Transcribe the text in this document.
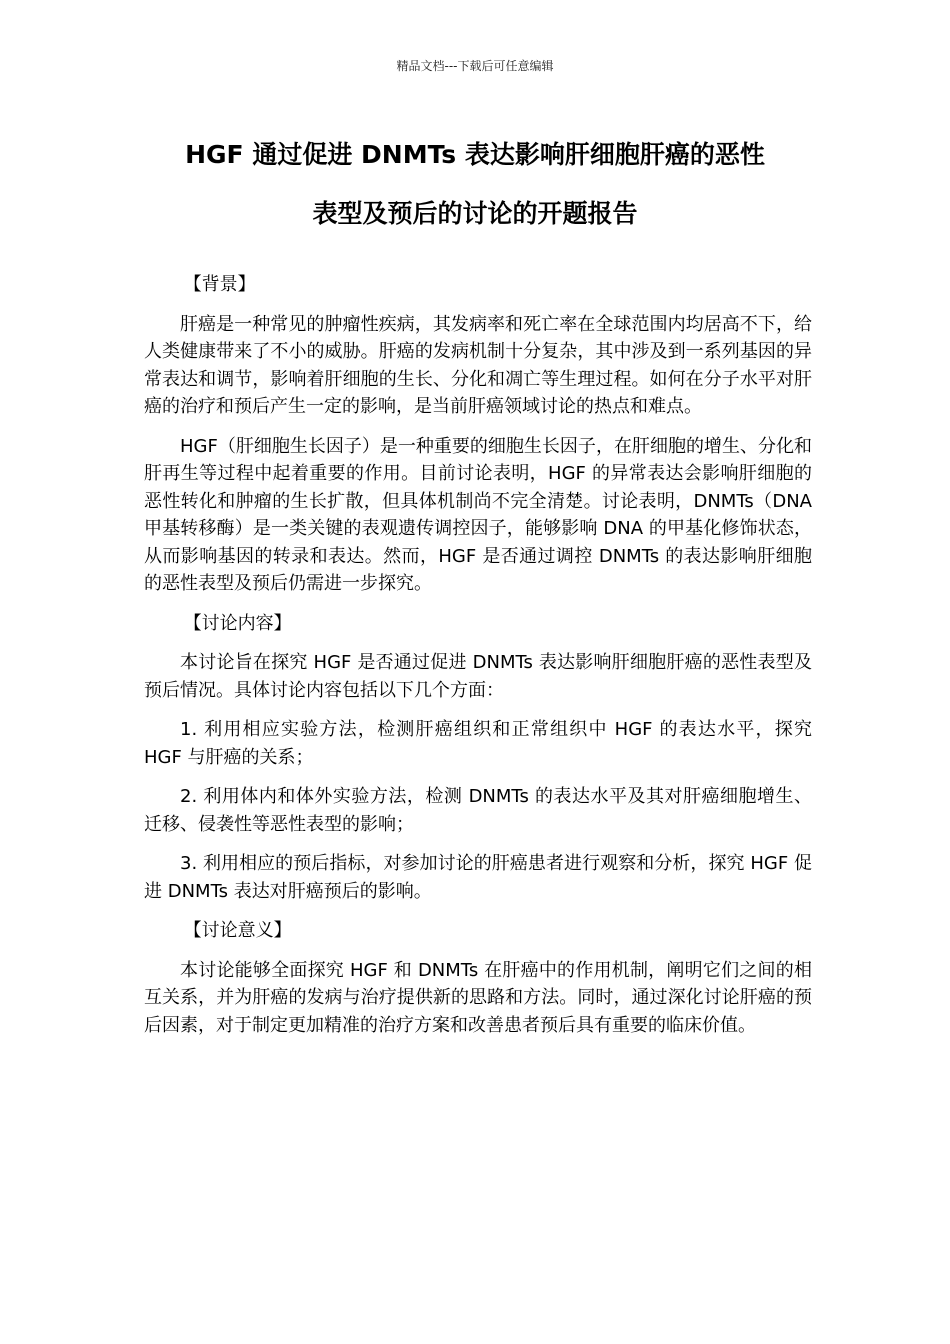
精品文档---下载后可任意编辑
HGF 通过促进 DNMTs 表达影响肝细胞肝癌的恶性
表型及预后的讨论的开题报告

【背景】

肝癌是一种常见的肿瘤性疾病，其发病率和死亡率在全球范围内均居高不下，给人类健康带来了不小的威胁。肝癌的发病机制十分复杂，其中涉及到一系列基因的异常表达和调节，影响着肝细胞的生长、分化和凋亡等生理过程。如何在分子水平对肝癌的治疗和预后产生一定的影响，是当前肝癌领域讨论的热点和难点。

HGF（肝细胞生长因子）是一种重要的细胞生长因子，在肝细胞的增生、分化和肝再生等过程中起着重要的作用。目前讨论表明，HGF 的异常表达会影响肝细胞的恶性转化和肿瘤的生长扩散，但具体机制尚不完全清楚。讨论表明，DNMTs（DNA 甲基转移酶）是一类关键的表观遗传调控因子，能够影响 DNA 的甲基化修饰状态，从而影响基因的转录和表达。然而，HGF 是否通过调控 DNMTs 的表达影响肝细胞的恶性表型及预后仍需进一步探究。

【讨论内容】

本讨论旨在探究 HGF 是否通过促进 DNMTs 表达影响肝细胞肝癌的恶性表型及预后情况。具体讨论内容包括以下几个方面：

1. 利用相应实验方法，检测肝癌组织和正常组织中 HGF 的表达水平，探究 HGF 与肝癌的关系；

2. 利用体内和体外实验方法，检测 DNMTs 的表达水平及其对肝癌细胞增生、迁移、侵袭性等恶性表型的影响；

3. 利用相应的预后指标，对参加讨论的肝癌患者进行观察和分析，探究 HGF 促进 DNMTs 表达对肝癌预后的影响。

【讨论意义】

本讨论能够全面探究 HGF 和 DNMTs 在肝癌中的作用机制，阐明它们之间的相互关系，并为肝癌的发病与治疗提供新的思路和方法。同时，通过深化讨论肝癌的预后因素，对于制定更加精准的治疗方案和改善患者预后具有重要的临床价值。
